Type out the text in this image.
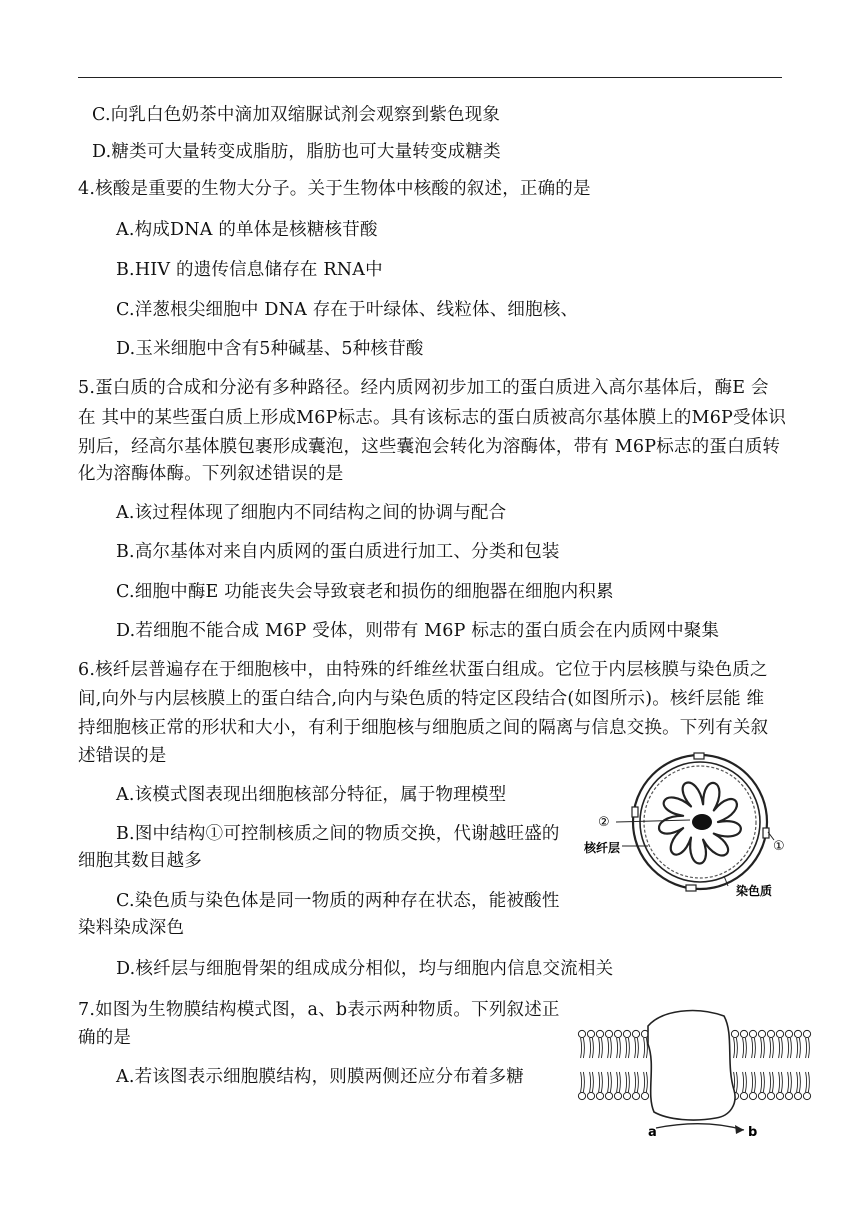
C.向乳白色奶茶中滴加双缩脲试剂会观察到紫色现象
D.糖类可大量转变成脂肪，脂肪也可大量转变成糖类
4.核酸是重要的生物大分子。关于生物体中核酸的叙述，正确的是
A.构成DNA 的单体是核糖核苷酸
B.HIV 的遗传信息储存在 RNA中
C.洋葱根尖细胞中 DNA 存在于叶绿体、线粒体、细胞核、
D.玉米细胞中含有5种碱基、5种核苷酸
5.蛋白质的合成和分泌有多种路径。经内质网初步加工的蛋白质进入高尔基体后，酶E 会
在 其中的某些蛋白质上形成M6P标志。具有该标志的蛋白质被高尔基体膜上的M6P受体识
别后，经高尔基体膜包裹形成囊泡，这些囊泡会转化为溶酶体，带有 M6P标志的蛋白质转
化为溶酶体酶。下列叙述错误的是
A.该过程体现了细胞内不同结构之间的协调与配合
B.高尔基体对来自内质网的蛋白质进行加工、分类和包装
C.细胞中酶E 功能丧失会导致衰老和损伤的细胞器在细胞内积累
D.若细胞不能合成 M6P 受体，则带有 M6P 标志的蛋白质会在内质网中聚集
6.核纤层普遍存在于细胞核中，由特殊的纤维丝状蛋白组成。它位于内层核膜与染色质之
间,向外与内层核膜上的蛋白结合,向内与染色质的特定区段结合(如图所示)。核纤层能 维
持细胞核正常的形状和大小，有利于细胞核与细胞质之间的隔离与信息交换。下列有关叙
述错误的是
A.该模式图表现出细胞核部分特征，属于物理模型
B.图中结构①可控制核质之间的物质交换，代谢越旺盛的
细胞其数目越多
C.染色质与染色体是同一物质的两种存在状态，能被酸性
染料染成深色
D.核纤层与细胞骨架的组成成分相似，均与细胞内信息交流相关
7.如图为生物膜结构模式图，a、b表示两种物质。下列叙述正
确的是
A.若该图表示细胞膜结构，则膜两侧还应分布着多糖
②
核纤层	①
染色质
a	b
